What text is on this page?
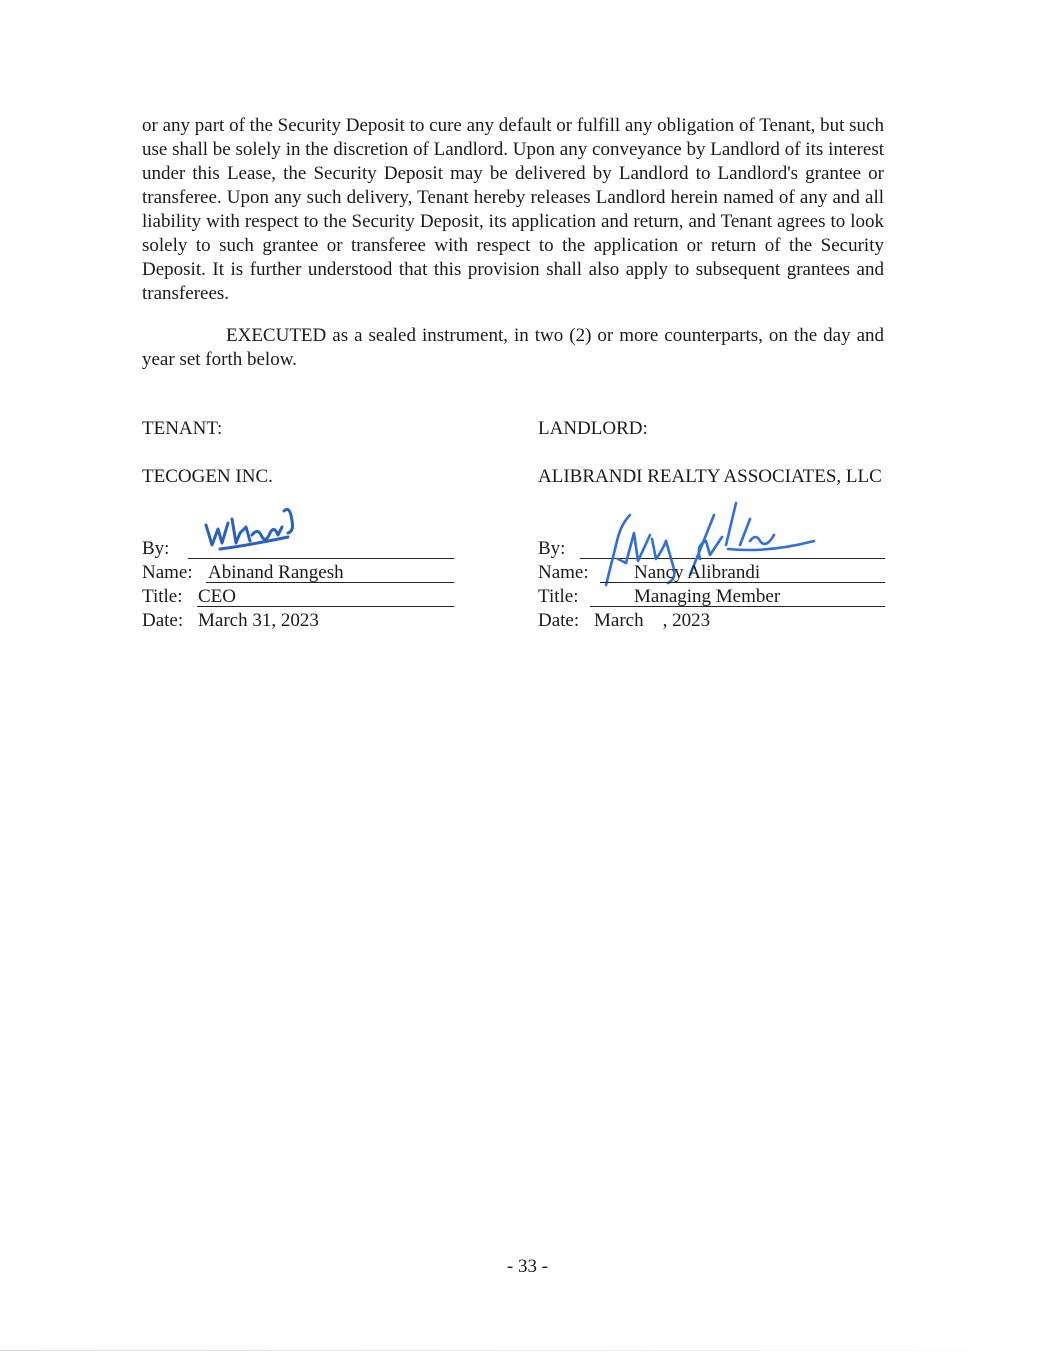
or any part of the Security Deposit to cure any default or fulfill any obligation of Tenant, but such use shall be solely in the discretion of Landlord. Upon any conveyance by Landlord of its interest under this Lease, the Security Deposit may be delivered by Landlord to Landlord's grantee or transferee. Upon any such delivery, Tenant hereby releases Landlord herein named of any and all liability with respect to the Security Deposit, its application and return, and Tenant agrees to look solely to such grantee or transferee with respect to the application or return of the Security Deposit. It is further understood that this provision shall also apply to subsequent grantees and transferees.

EXECUTED as a sealed instrument, in two (2) or more counterparts, on the day and year set forth below.

TENANT:
TECOGEN INC.
By:
Name: Abinand Rangesh
Title: CEO
Date: March 31, 2023
LANDLORD:
ALIBRANDI REALTY ASSOCIATES, LLC
By:
Name: Nancy Alibrandi
Title:	Managing Member
Date: March    , 2023
- 33 -
